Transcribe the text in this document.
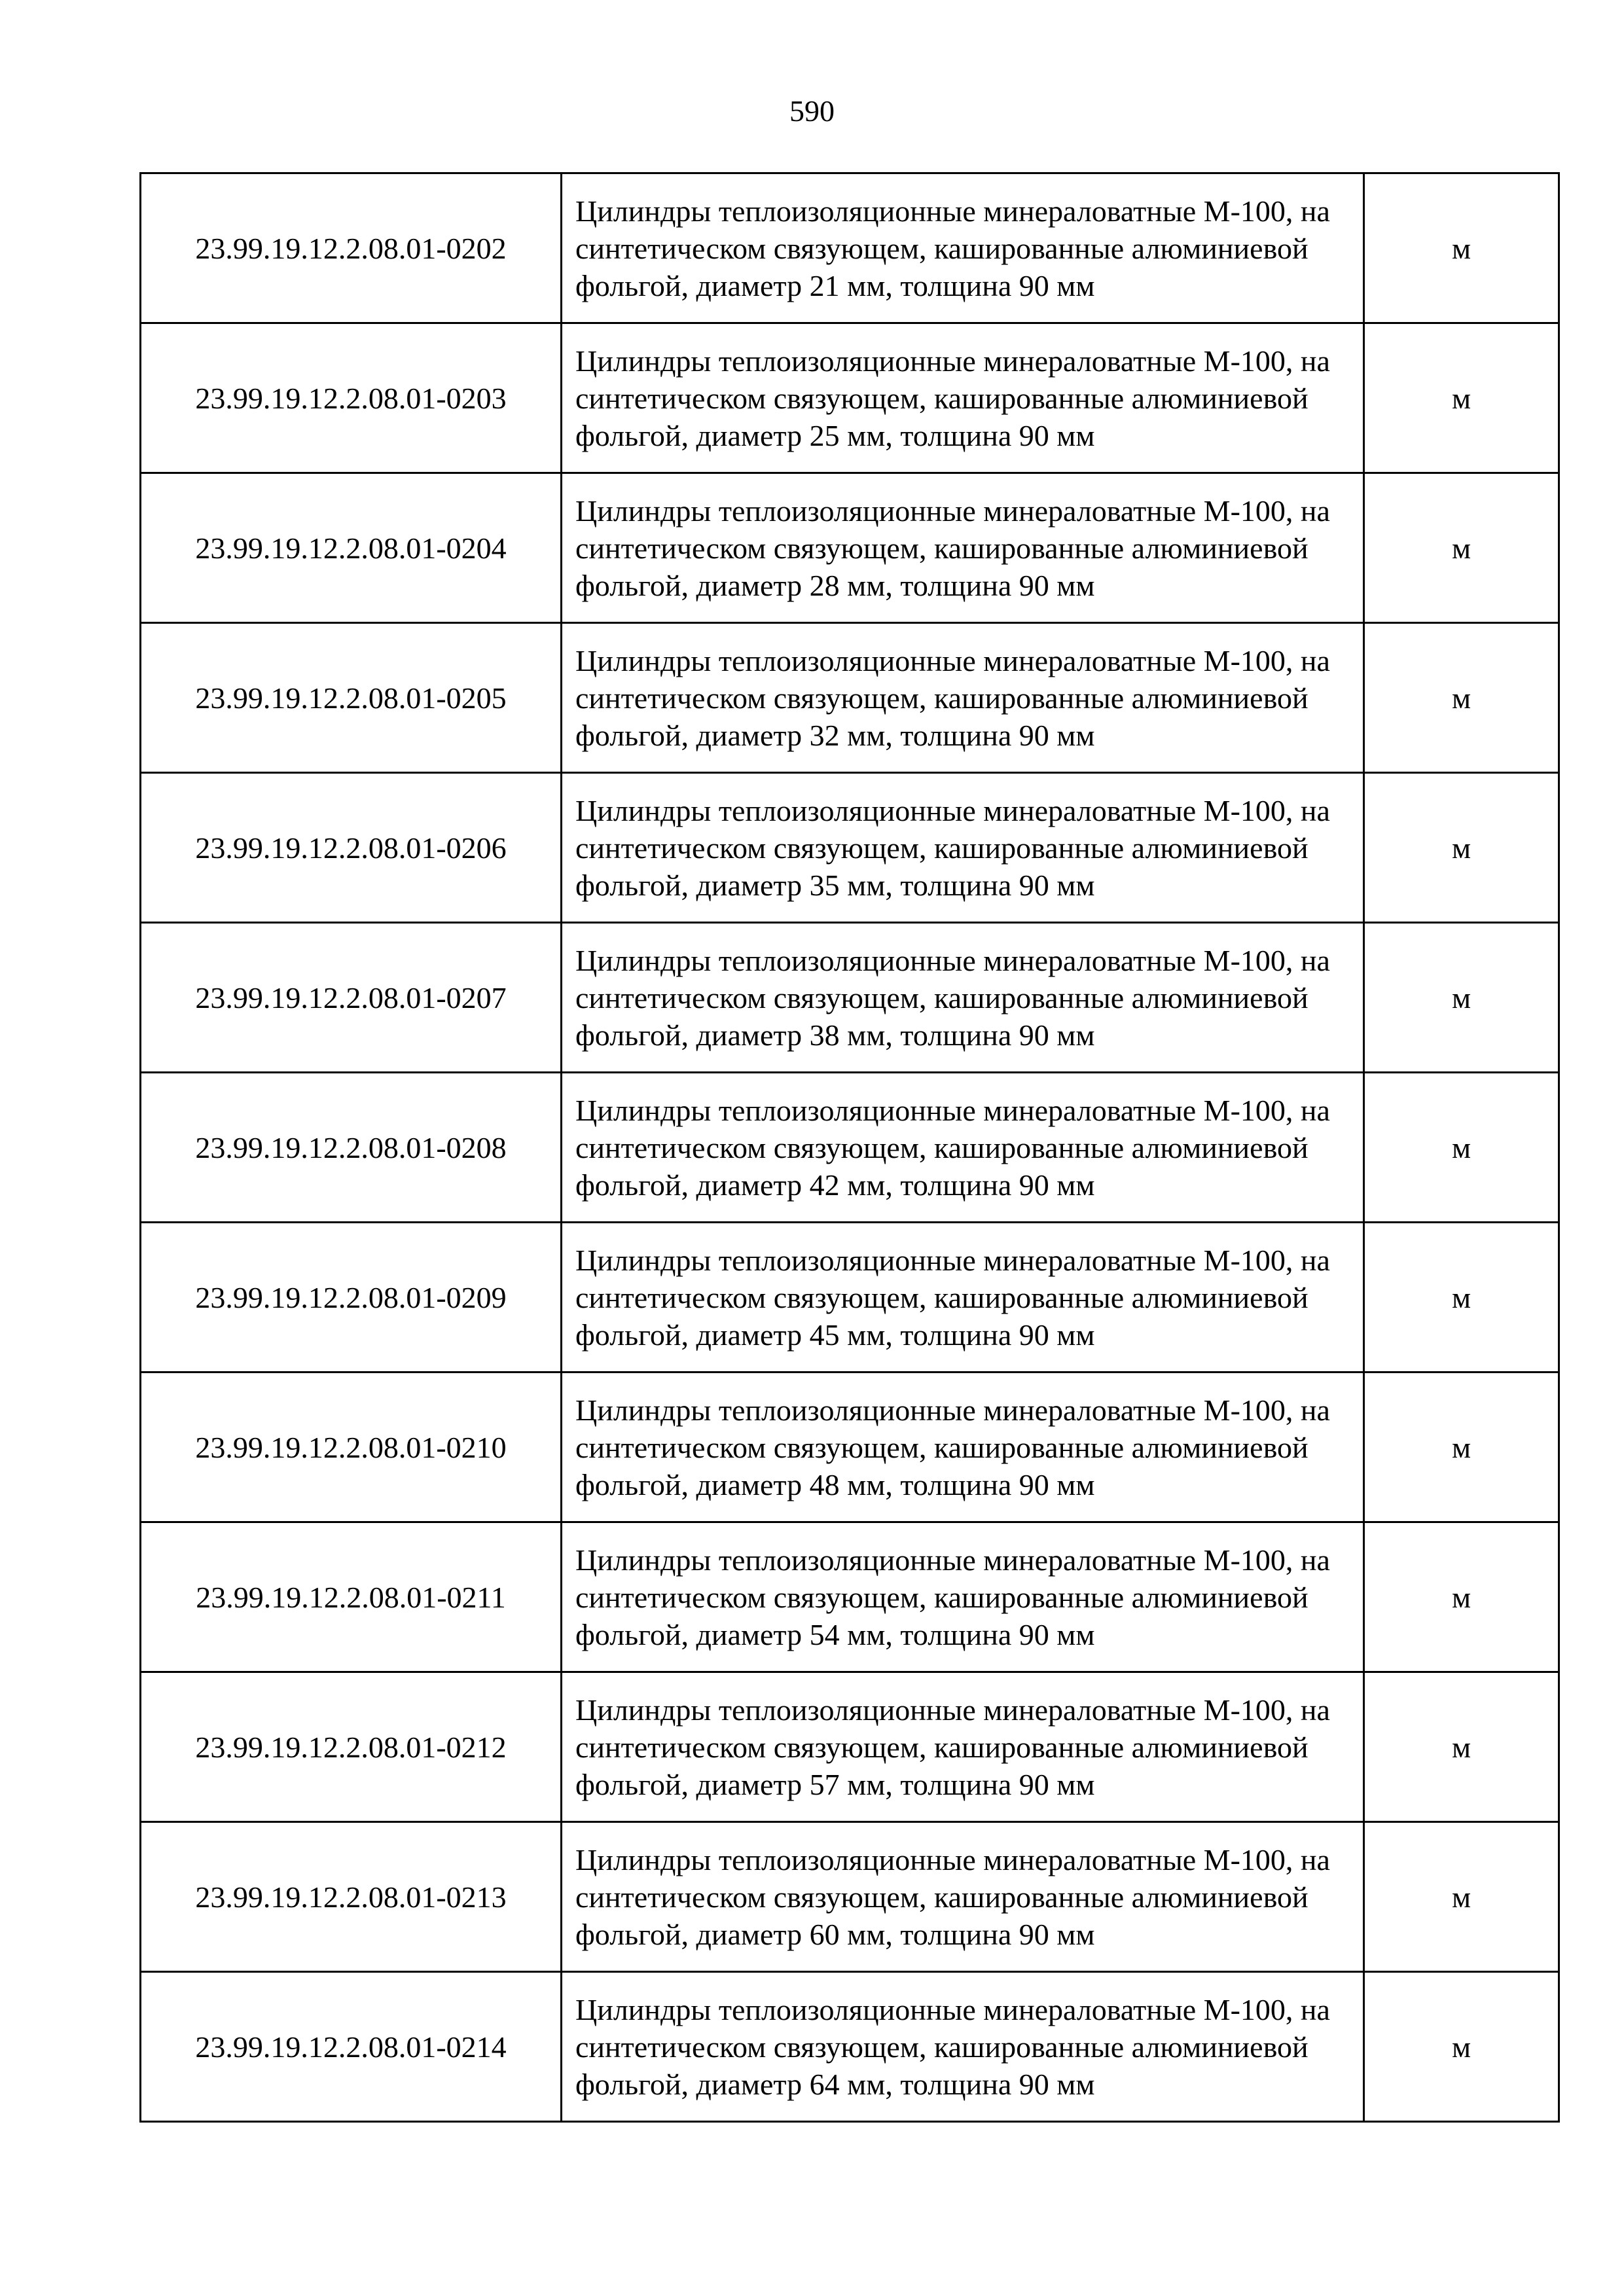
590
23.99.19.12.2.08.01-0202	Цилиндры теплоизоляционные минераловатные М-100, на синтетическом связующем, кашированные алюминиевой фольгой, диаметр 21 мм, толщина 90 мм	м
23.99.19.12.2.08.01-0203	Цилиндры теплоизоляционные минераловатные М-100, на синтетическом связующем, кашированные алюминиевой фольгой, диаметр 25 мм, толщина 90 мм	м
23.99.19.12.2.08.01-0204	Цилиндры теплоизоляционные минераловатные М-100, на синтетическом связующем, кашированные алюминиевой фольгой, диаметр 28 мм, толщина 90 мм	м
23.99.19.12.2.08.01-0205	Цилиндры теплоизоляционные минераловатные М-100, на синтетическом связующем, кашированные алюминиевой фольгой, диаметр 32 мм, толщина 90 мм	м
23.99.19.12.2.08.01-0206	Цилиндры теплоизоляционные минераловатные М-100, на синтетическом связующем, кашированные алюминиевой фольгой, диаметр 35 мм, толщина 90 мм	м
23.99.19.12.2.08.01-0207	Цилиндры теплоизоляционные минераловатные М-100, на синтетическом связующем, кашированные алюминиевой фольгой, диаметр 38 мм, толщина 90 мм	м
23.99.19.12.2.08.01-0208	Цилиндры теплоизоляционные минераловатные М-100, на синтетическом связующем, кашированные алюминиевой фольгой, диаметр 42 мм, толщина 90 мм	м
23.99.19.12.2.08.01-0209	Цилиндры теплоизоляционные минераловатные М-100, на синтетическом связующем, кашированные алюминиевой фольгой, диаметр 45 мм, толщина 90 мм	м
23.99.19.12.2.08.01-0210	Цилиндры теплоизоляционные минераловатные М-100, на синтетическом связующем, кашированные алюминиевой фольгой, диаметр 48 мм, толщина 90 мм	м
23.99.19.12.2.08.01-0211	Цилиндры теплоизоляционные минераловатные М-100, на синтетическом связующем, кашированные алюминиевой фольгой, диаметр 54 мм, толщина 90 мм	м
23.99.19.12.2.08.01-0212	Цилиндры теплоизоляционные минераловатные М-100, на синтетическом связующем, кашированные алюминиевой фольгой, диаметр 57 мм, толщина 90 мм	м
23.99.19.12.2.08.01-0213	Цилиндры теплоизоляционные минераловатные М-100, на синтетическом связующем, кашированные алюминиевой фольгой, диаметр 60 мм, толщина 90 мм	м
23.99.19.12.2.08.01-0214	Цилиндры теплоизоляционные минераловатные М-100, на синтетическом связующем, кашированные алюминиевой фольгой, диаметр 64 мм, толщина 90 мм	м
